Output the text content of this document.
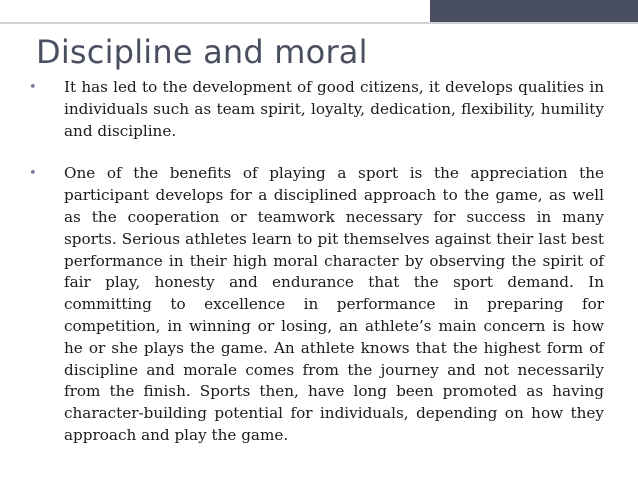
Discipline and moral
• It has led to the development of good citizens, it develops qualities in individuals such as team spirit, loyalty, dedication, flexibility, humility and discipline.
• One of the benefits of playing a sport is the appreciation the participant develops for a disciplined approach to the game, as well as the cooperation or teamwork necessary for success in many sports. Serious athletes learn to pit themselves against their last best performance in their high moral character by observing the spirit of fair play, honesty and endurance that the sport demand. In committing to excellence in performance in preparing for competition, in winning or losing, an athlete’s main concern is how he or she plays the game. An athlete knows that the highest form of discipline and morale comes from the journey and not necessarily from the finish. Sports then, have long been promoted as having character-building potential for individuals, depending on how they approach and play the game.
